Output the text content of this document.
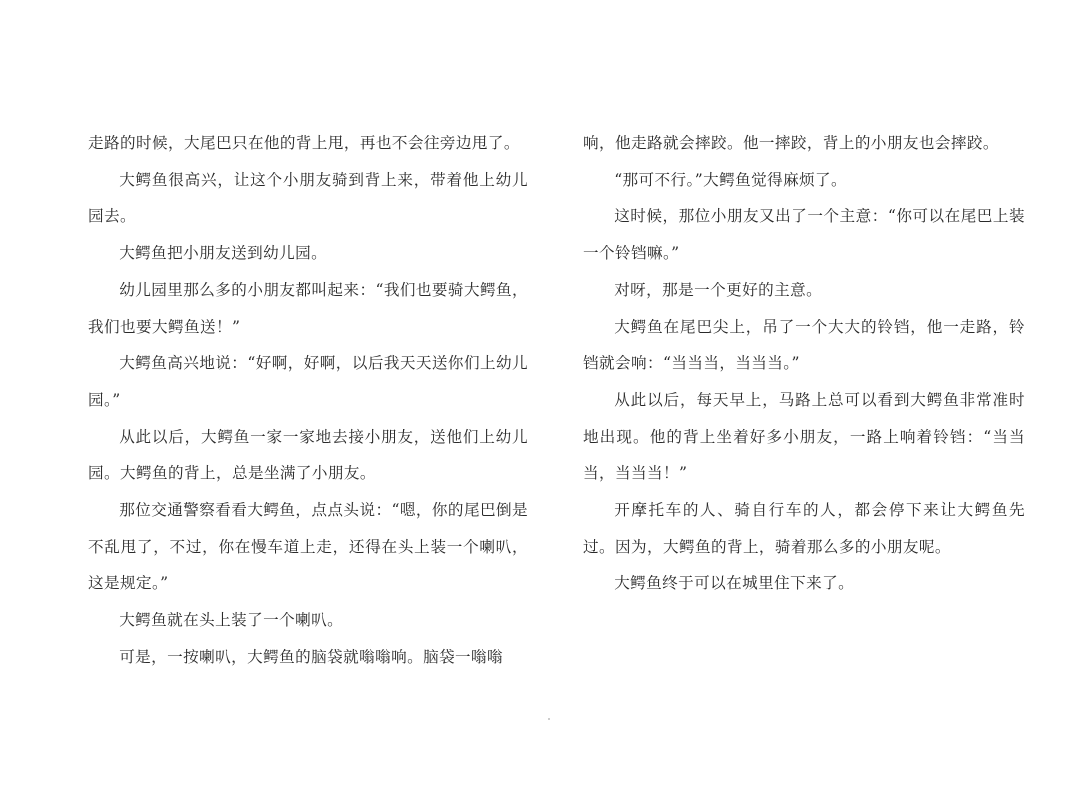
走路的时候，大尾巴只在他的背上甩，再也不会往旁边甩了。

大鳄鱼很高兴，让这个小朋友骑到背上来，带着他上幼儿园去。

大鳄鱼把小朋友送到幼儿园。

幼儿园里那么多的小朋友都叫起来：“我们也要骑大鳄鱼，我们也要大鳄鱼送！”

大鳄鱼高兴地说：“好啊，好啊，以后我天天送你们上幼儿园。”

从此以后，大鳄鱼一家一家地去接小朋友，送他们上幼儿园。大鳄鱼的背上，总是坐满了小朋友。

那位交通警察看看大鳄鱼，点点头说：“嗯，你的尾巴倒是不乱甩了，不过，你在慢车道上走，还得在头上装一个喇叭，这是规定。”

大鳄鱼就在头上装了一个喇叭。

可是，一按喇叭，大鳄鱼的脑袋就嗡嗡响。脑袋一嗡嗡

响，他走路就会摔跤。他一摔跤，背上的小朋友也会摔跤。

“那可不行。”大鳄鱼觉得麻烦了。

这时候，那位小朋友又出了一个主意：“你可以在尾巴上装一个铃铛嘛。”

对呀，那是一个更好的主意。

大鳄鱼在尾巴尖上，吊了一个大大的铃铛，他一走路，铃铛就会响：“当当当，当当当。”

从此以后，每天早上，马路上总可以看到大鳄鱼非常准时地出现。他的背上坐着好多小朋友，一路上响着铃铛：“当当当，当当当！”

开摩托车的人、骑自行车的人，都会停下来让大鳄鱼先过。因为，大鳄鱼的背上，骑着那么多的小朋友呢。

大鳄鱼终于可以在城里住下来了。
